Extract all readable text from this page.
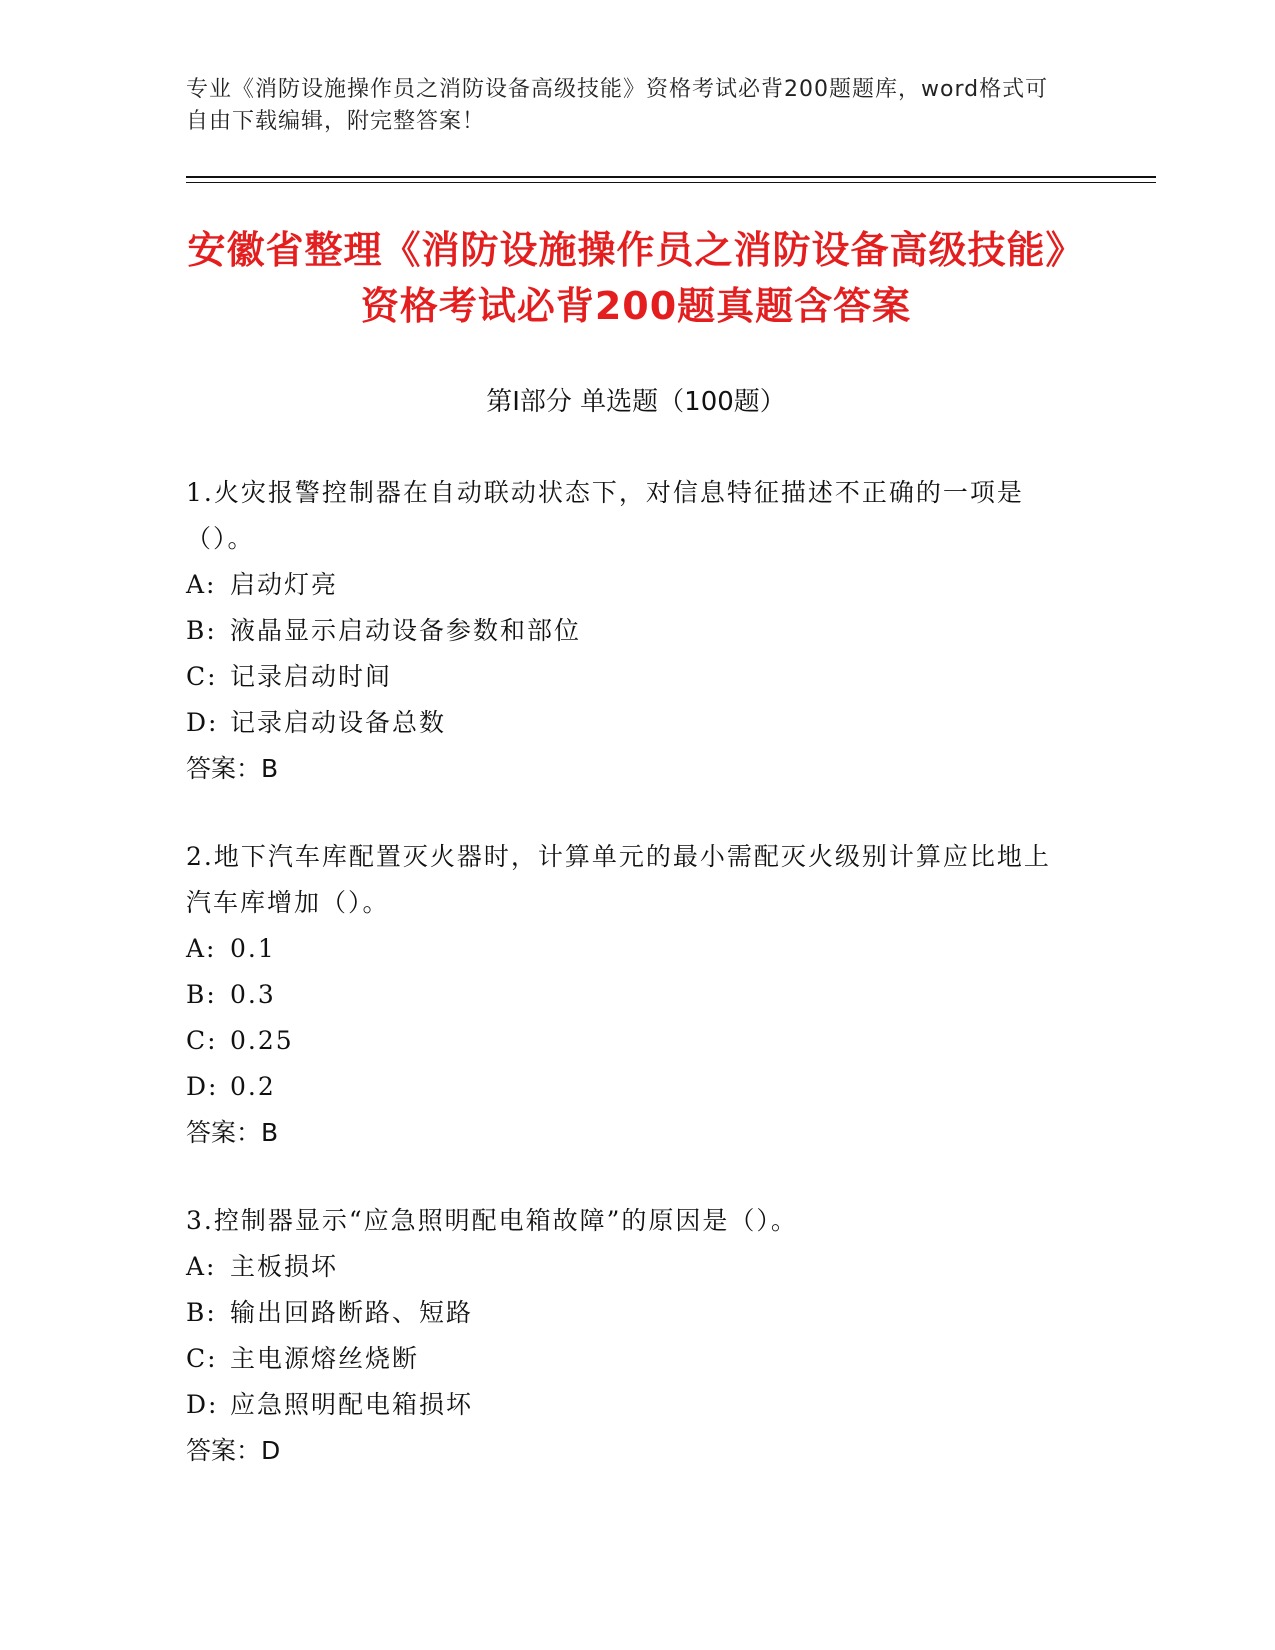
专业《消防设施操作员之消防设备高级技能》资格考试必背200题题库，word格式可自由下载编辑，附完整答案！
安徽省整理《消防设施操作员之消防设备高级技能》资格考试必背200题真题含答案
第Ⅰ部分 单选题（100题）

1.火灾报警控制器在自动联动状态下，对信息特征描述不正确的一项是（）。

A: 启动灯亮

B: 液晶显示启动设备参数和部位

C: 记录启动时间

D: 记录启动设备总数

答案：B

2.地下汽车库配置灭火器时，计算单元的最小需配灭火级别计算应比地上汽车库增加（）。

A: 0.1

B: 0.3

C: 0.25

D: 0.2

答案：B

3.控制器显示“应急照明配电箱故障”的原因是（）。

A: 主板损坏

B: 输出回路断路、短路

C: 主电源熔丝烧断

D: 应急照明配电箱损坏

答案：D
